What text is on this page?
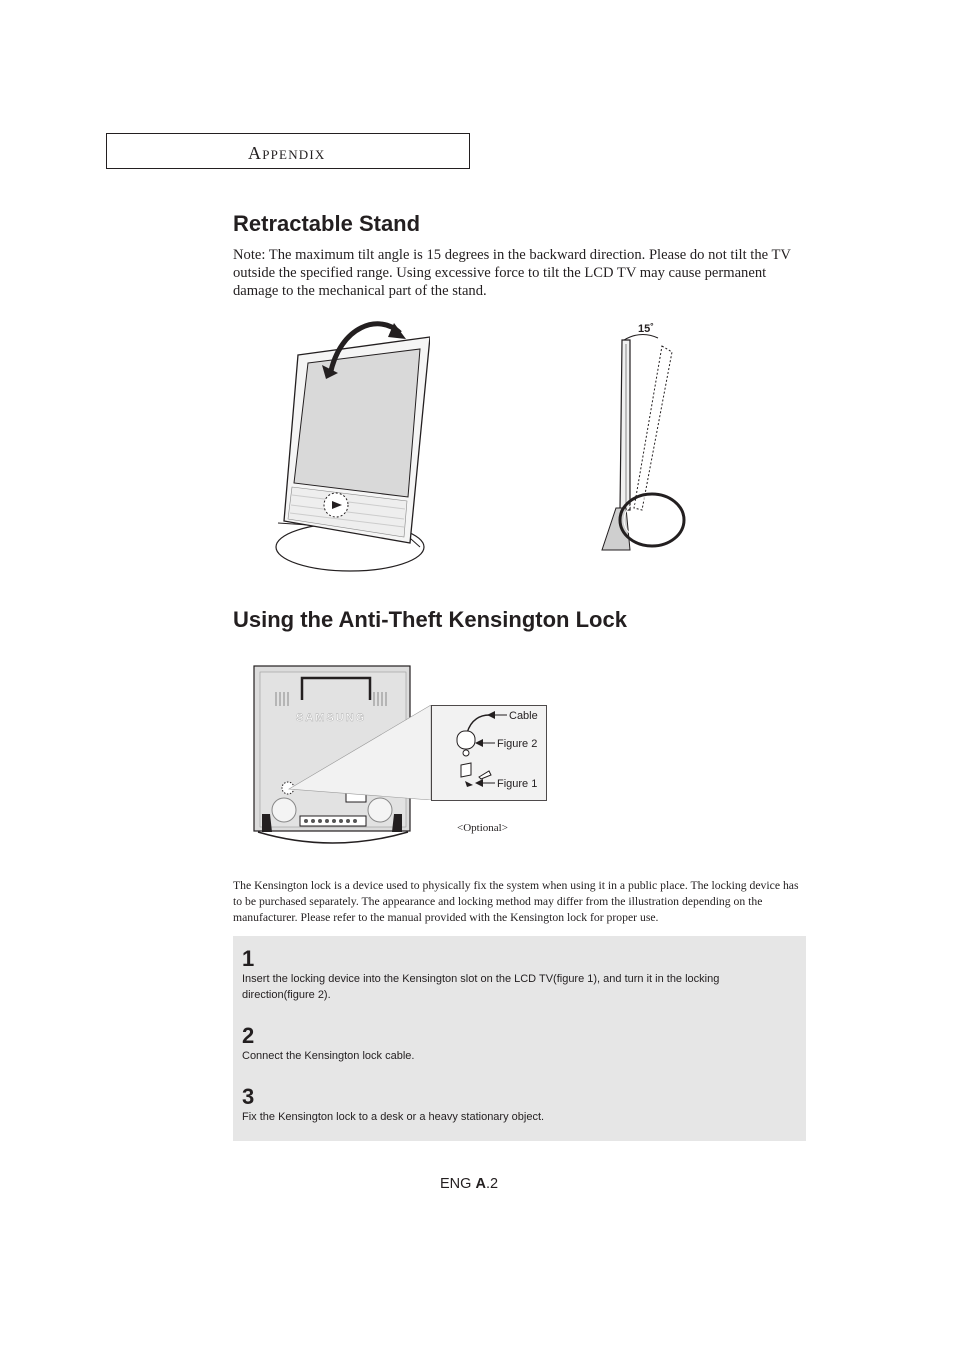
Appendix
Retractable Stand

Note: The maximum tilt angle is 15 degrees in the backward direction. Please do not tilt the TV outside the specified range. Using excessive force to tilt the LCD TV may cause permanent damage to the mechanical part of the stand.

15˚
Using the Anti-Theft Kensington Lock
SAMSUNG	Cable
Figure 2
Figure 1
<Optional>

The Kensington lock is a device used to physically fix the system when using it in a public place. The locking device has to be purchased separately. The appearance and locking method may differ from the illustration depending on the manufacturer. Please refer to the manual provided with the Kensington lock for proper use.

1
Insert the locking device into the Kensington slot on the LCD TV(figure 1), and turn it in the locking direction(figure 2).
2
Connect the Kensington lock cable.
3
Fix the Kensington lock to a desk or a heavy stationary object.
ENG A.2
